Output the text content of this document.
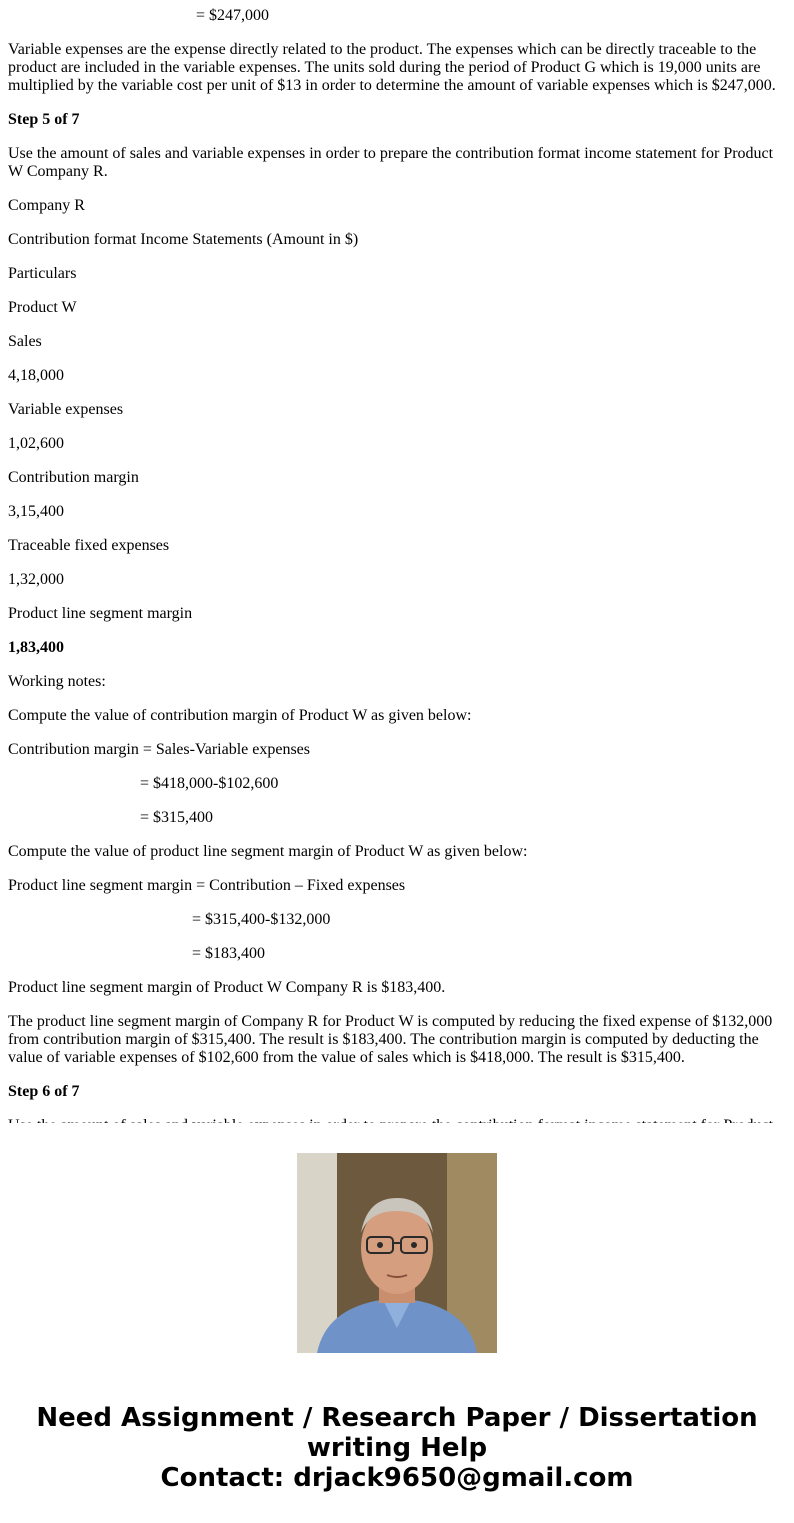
= $247,000

Variable expenses are the expense directly related to the product. The expenses which can be directly traceable to the product are included in the variable expenses. The units sold during the period of Product G which is 19,000 units are multiplied by the variable cost per unit of $13 in order to determine the amount of variable expenses which is $247,000.

Step 5 of 7

Use the amount of sales and variable expenses in order to prepare the contribution format income statement for Product W Company R.

Company R

Contribution format Income Statements (Amount in $)

Particulars

Product W

Sales

4,18,000

Variable expenses

1,02,600

Contribution margin

3,15,400

Traceable fixed expenses

1,32,000

Product line segment margin

1,83,400

Working notes:

Compute the value of contribution margin of Product W as given below:

Contribution margin = Sales-Variable expenses

= $418,000-$102,600

= $315,400

Compute the value of product line segment margin of Product W as given below:

Product line segment margin = Contribution – Fixed expenses

= $315,400-$132,000

= $183,400

Product line segment margin of Product W Company R is $183,400.

The product line segment margin of Company R for Product W is computed by reducing the fixed expense of $132,000 from contribution margin of $315,400. The result is $183,400. The contribution margin is computed by deducting the value of variable expenses of $102,600 from the value of sales which is $418,000. The result is $315,400.

Step 6 of 7

Need Assignment / Research Paper / Dissertation
writing Help
Contact: drjack9650@gmail.com
